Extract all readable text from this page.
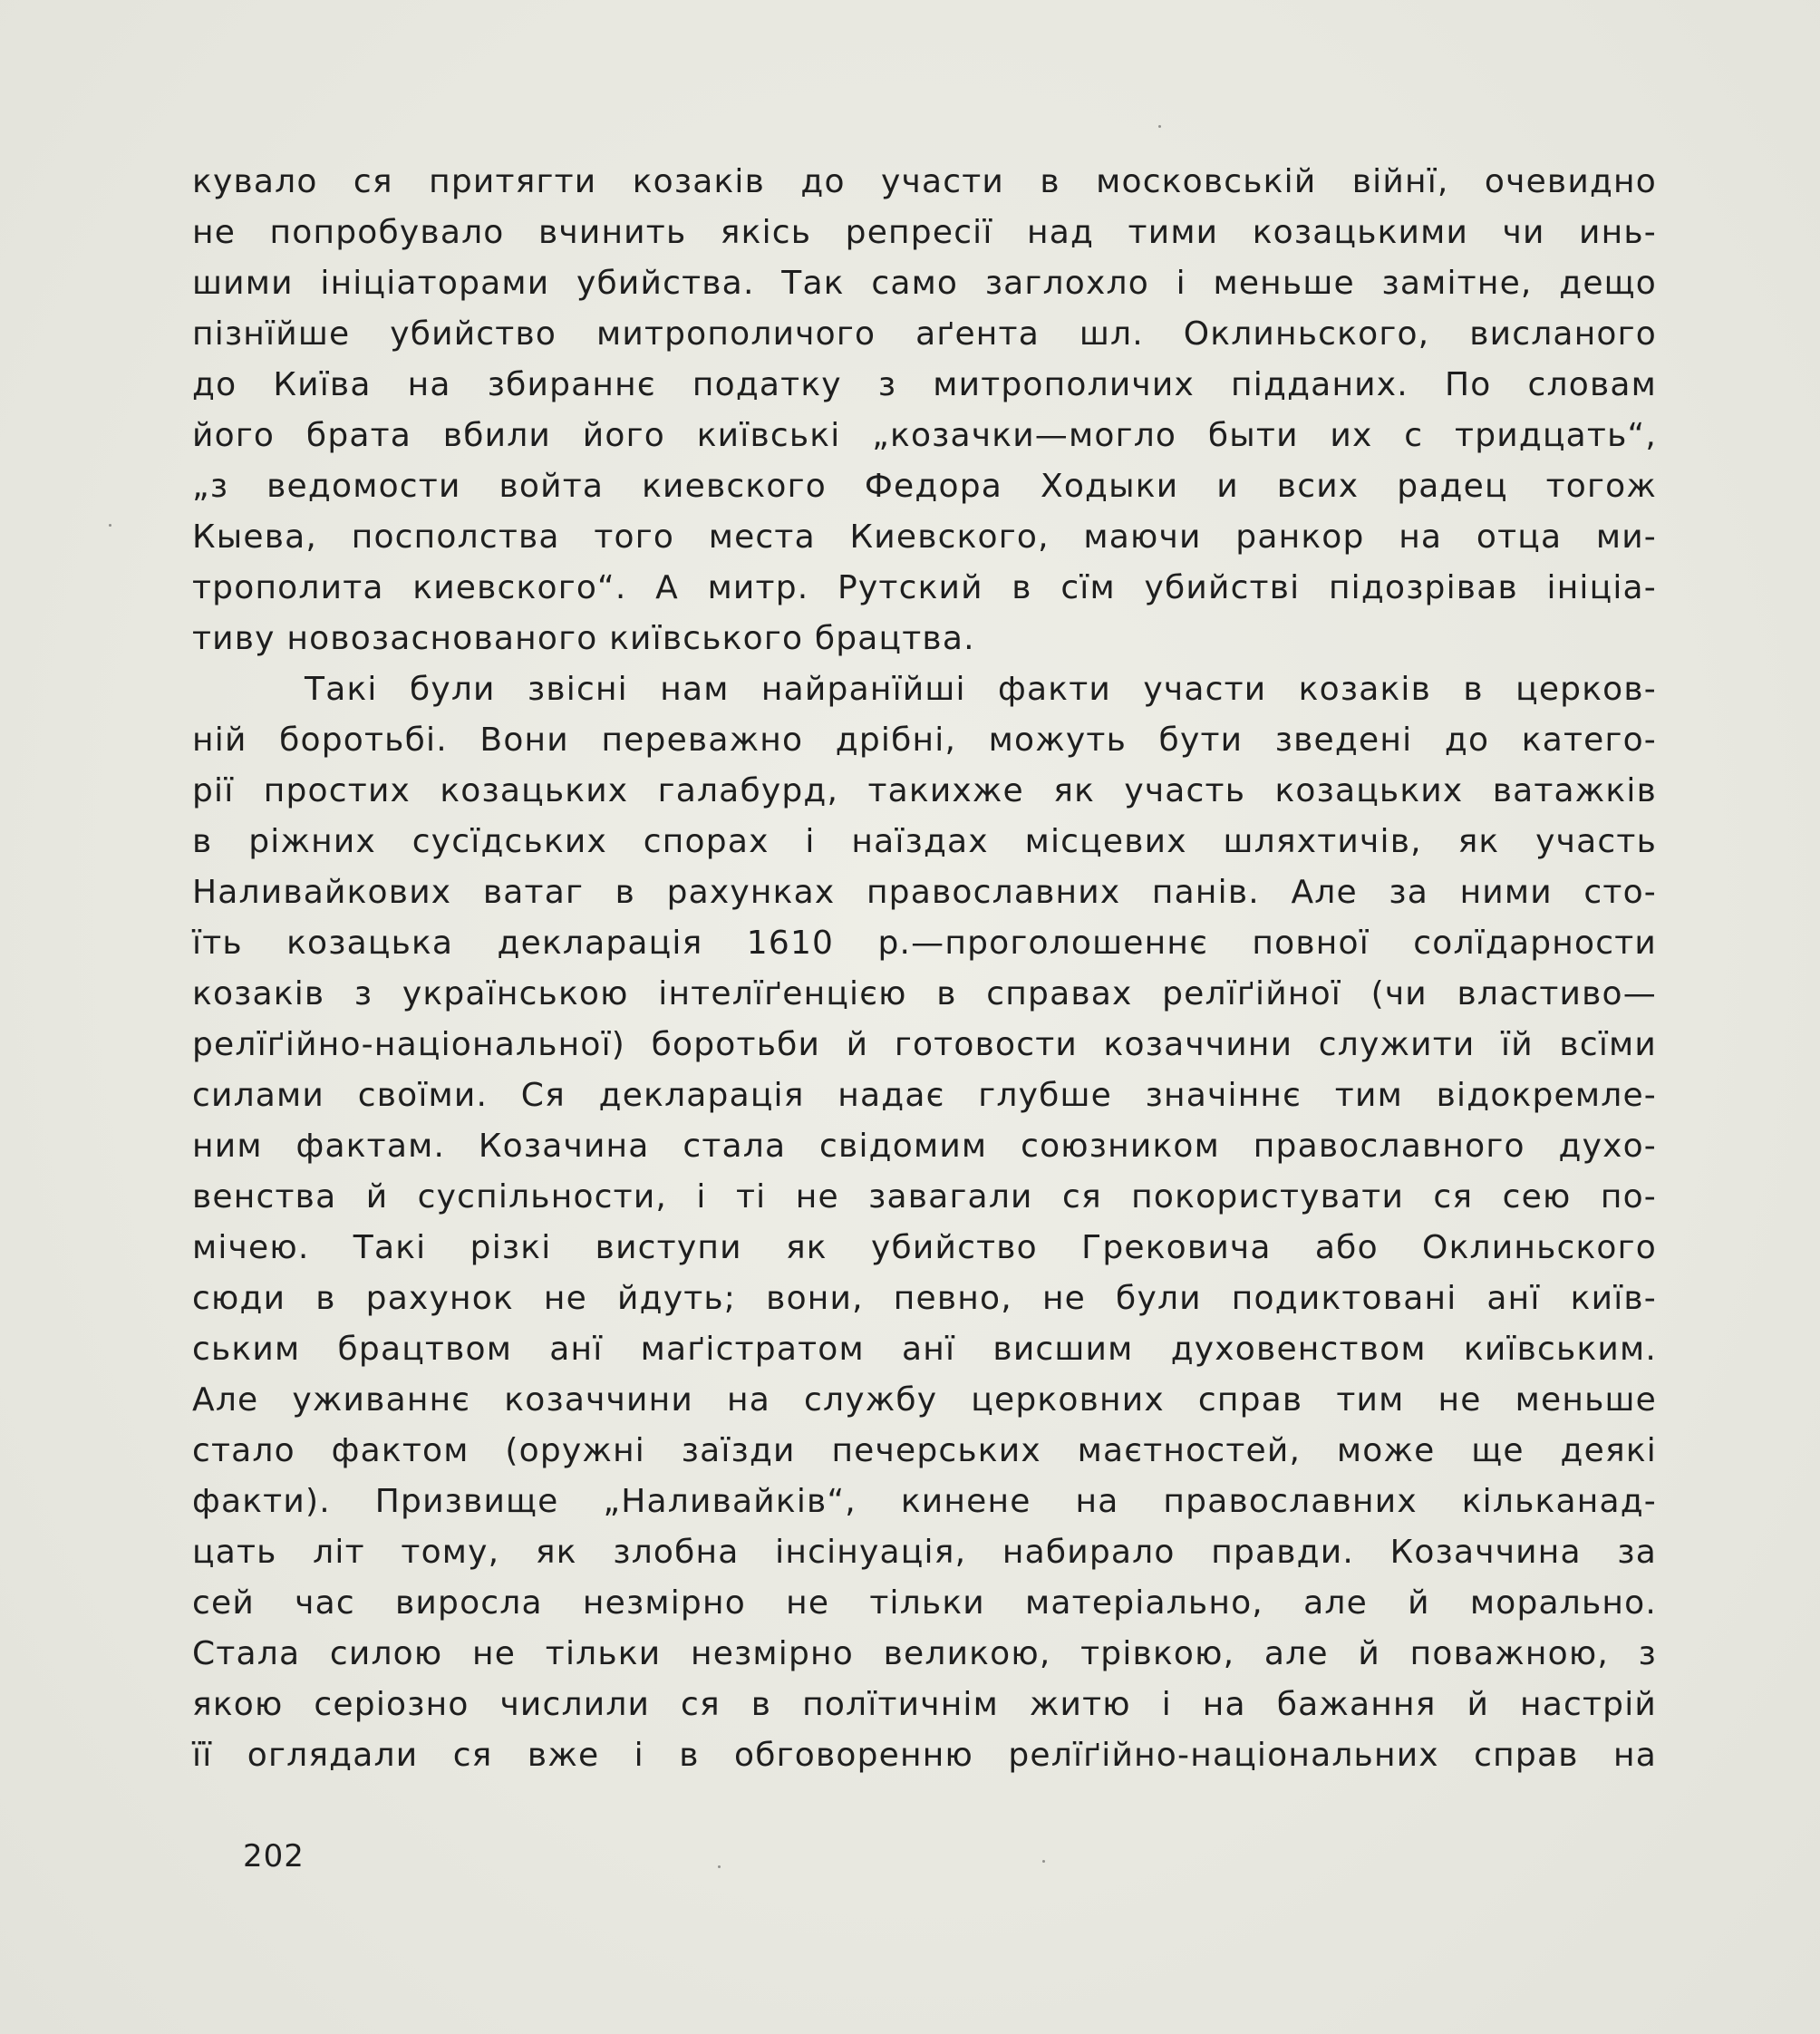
кувало ся притягти козаків до участи в московській війнї, очевидно
не попробувало вчинить якісь репресії над тими козацькими чи инь-
шими ініціаторами убийства. Так само заглохло і меньше замітне, дещо
пізнїйше убийство митрополичого аґента шл. Оклиньского, висланого
до Київа на збираннє податку з митрополичих підданих. По словам
його брата вбили його київські „козачки—могло быти их с тридцать“,
„з ведомости войта киевского Федора Ходыки и всих радец тогож
Кыева, посполства того места Киевского, маючи ранкор на отца ми-
трополита киевского“. А митр. Рутский в сїм убийстві підозрівав ініціа-
тиву новозаснованого київського брацтва.
Такі були звісні нам найранїйші факти участи козаків в церков-
ній боротьбі. Вони переважно дрібні, можуть бути зведені до катего-
рії простих козацьких галабурд, такихже як участь козацьких ватажків
в ріжних сусїдських спорах і наїздах місцевих шляхтичів, як участь
Наливайкових ватаг в рахунках православних панів. Але за ними сто-
їть козацька декларація 1610 р.—проголошеннє повної солїдарности
козаків з українською інтелїґенцією в справах релїґійної (чи властиво—
релїґійно-національної) боротьби й готовости козаччини служити їй всїми
силами своїми. Ся декларація надає глубше значіннє тим відокремле-
ним фактам. Козачина стала свідомим союзником православного духо-
венства й суспільности, і ті не завагали ся покористувати ся сею по-
мічею. Такі різкі виступи як убийство Грековича або Оклиньского
сюди в рахунок не йдуть; вони, певно, не були подиктовані анї київ-
ським брацтвом анї маґістратом анї висшим духовенством київським.
Але уживаннє козаччини на службу церковних справ тим не меньше
стало фактом (оружні заїзди печерських маєтностей, може ще деякі
факти). Призвище „Наливайків“, кинене на православних кільканад-
цать літ тому, як злобна інсінуація, набирало правди. Козаччина за
сей час виросла незмірно не тільки матеріально, але й морально.
Стала силою не тільки незмірно великою, трівкою, але й поважною, з
якою серіозно числили ся в полїтичнім житю і на бажання й настрій
її оглядали ся вже і в обговоренню релїґійно-національних справ на
202
